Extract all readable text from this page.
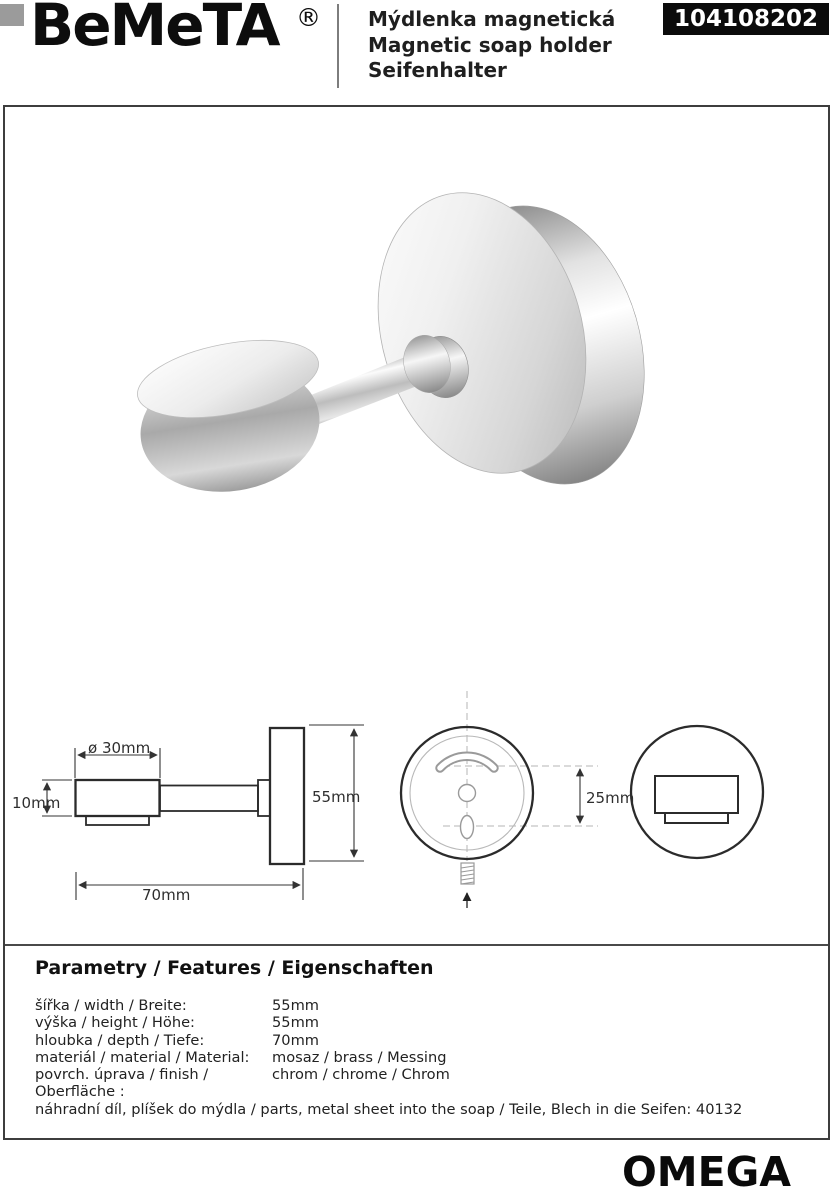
BeMeTA ® Mýdlenka magnetická
Magnetic soap holder
Seifenhalter
104108202
ø 30mm
10mm	55mm
70mm
25mm
Parametry / Features / Eigenschaften
šířka / width / Breite:	55mm
výška / height / Höhe:	55mm
hloubka / depth / Tiefe:	70mm
materiál / material / Material:	mosaz / brass / Messing
povrch. úprava / finish / Oberfläche :
chrom / chrome / Chrom
náhradní díl, plíšek do mýdla / parts, metal sheet into the soap / Teile, Blech in die Seifen: 40132
OMEGA
